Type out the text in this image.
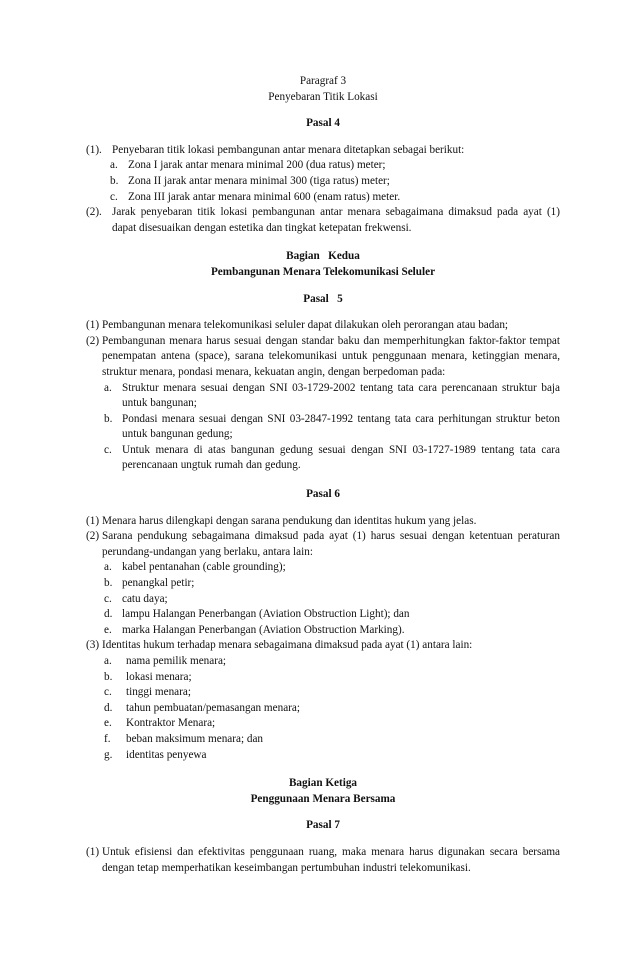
Paragraf 3
Penyebaran Titik Lokasi
Pasal 4
(1). Penyebaran titik lokasi pembangunan antar menara ditetapkan sebagai berikut:
a. Zona I jarak antar menara minimal 200 (dua ratus) meter;
b. Zona II jarak antar menara minimal 300 (tiga ratus) meter;
c. Zona III jarak antar menara minimal 600 (enam ratus) meter.
(2). Jarak penyebaran titik lokasi pembangunan antar menara sebagaimana dimaksud pada ayat (1) dapat disesuaikan dengan estetika dan tingkat ketepatan frekwensi.
Bagian   Kedua
Pembangunan Menara Telekomunikasi Seluler
Pasal   5
(1) Pembangunan menara telekomunikasi seluler dapat dilakukan oleh perorangan atau badan;
(2) Pembangunan menara harus sesuai dengan standar baku dan memperhitungkan faktor-faktor tempat penempatan antena (space), sarana telekomunikasi untuk penggunaan menara, ketinggian menara, struktur menara, pondasi menara, kekuatan angin, dengan berpedoman pada:
a. Struktur menara sesuai dengan SNI 03-1729-2002 tentang tata cara perencanaan struktur baja untuk bangunan;
b. Pondasi menara sesuai dengan SNI 03-2847-1992 tentang tata cara perhitungan struktur beton untuk bangunan gedung;
c. Untuk menara di atas bangunan gedung sesuai dengan SNI 03-1727-1989 tentang tata cara perencanaan ungtuk rumah dan gedung.
Pasal 6
(1) Menara harus dilengkapi dengan sarana pendukung dan identitas hukum yang jelas.
(2) Sarana pendukung sebagaimana dimaksud pada ayat (1) harus sesuai dengan ketentuan peraturan perundang-undangan yang berlaku, antara lain:
a. kabel pentanahan (cable grounding);
b. penangkal petir;
c. catu daya;
d. lampu Halangan Penerbangan (Aviation Obstruction Light); dan
e. marka Halangan Penerbangan (Aviation Obstruction Marking).
(3) Identitas hukum terhadap menara sebagaimana dimaksud pada ayat (1) antara lain:
a.	nama pemilik menara;
b.	lokasi menara;
c.	tinggi menara;
d.	tahun pembuatan/pemasangan menara;
e.	Kontraktor Menara;
f.	beban maksimum menara; dan
g.	identitas penyewa
Bagian Ketiga
Penggunaan Menara Bersama
Pasal 7
(1) Untuk efisiensi dan efektivitas penggunaan ruang, maka menara harus digunakan secara bersama dengan tetap memperhatikan keseimbangan pertumbuhan industri telekomunikasi.
